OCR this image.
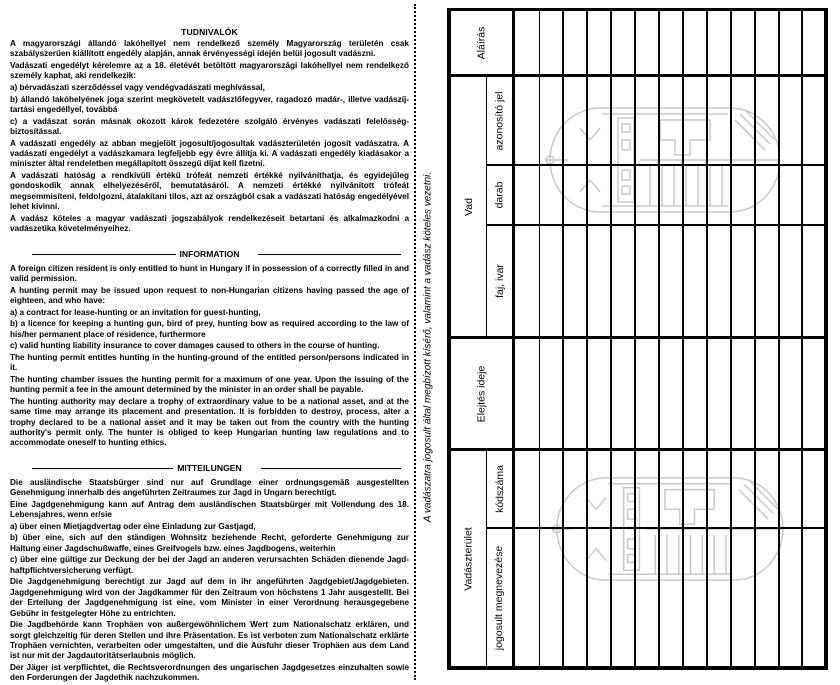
TUDNIVALÓK

A magyarországi állandó lakóhellyel nem rendelkező személy Magyarország területén csak szabályszerűen kiállított engedély alapján, annak érvényességi idején belül jogosult vadászni.

Vadászati engedélyt kérelemre az a 18. életévét betöltött magyarországi lakóhellyel nem rendelkező személy kaphat, aki rendelkezik:

a) bérvadászati szerződéssel vagy vendégvadászati meghívással,

b) állandó lakóhelyének joga szerint megkövetelt vadászlőfegyver, ragadozó madár-, illetve vadászíj-tartási engedéllyel, továbbá

c) a vadászat során másnak okozott károk fedezetére szolgáló érvényes vadászati felelősség-biztosítással.

A vadászati engedély az abban megjelölt jogosult/jogosultak vadászterületén jogosít vadászatra. A vadászati engedélyt a vadászkamara legfeljebb egy évre állítja ki. A vadászati engedély kiadásakor a miniszter által rendeletben megállapított összegű díjat kell fizetni.

A vadászati hatóság a rendkívüli értékű trófeát nemzeti értékké nyilváníthatja, és egyidejűleg gondoskodik annak elhelyezéséről, bemutatásáról. A nemzeti értékké nyilvánított trófeát megsemmisíteni, feldolgozni, átalakítani tilos, azt az országból csak a vadászati hatóság engedélyével lehet kivinni.

A vadász köteles a magyar vadászati jogszabályok rendelkezéseit betartani és alkalmazkodni a vadászetika követelményeihez.

INFORMATION

A foreign citizen resident is only entitled to hunt in Hungary if in possession of a correctly filled in and valid permission.

A hunting permit may be issued upon request to non-Hungarian citizens having passed the age of eighteen, and who have:

a) a contract for lease-hunting or an invitation for guest-hunting,

b) a licence for keeping a hunting gun, bird of prey, hunting bow as required according to the law of his/her permanent place of residence, furthermore

c) valid hunting liability insurance to cover damages caused to others in the course of hunting.

The hunting permit entitles hunting in the hunting-ground of the entitled person/persons indicated in it.

The hunting chamber issues the hunting permit for a maximum of one year. Upon the issuing of the hunting permit a fee in the amount determined by the minister in an order shall be payable.

The hunting authority may declare a trophy of extraordinary value to be a national asset, and at the same time may arrange its placement and presentation. It is forbidden to destroy, process, alter a trophy declared to be a national asset and it may be taken out from the country with the hunting authority's permit only. The hunter is obliged to keep Hungarian hunting law regulations and to accommodate oneself to hunting ethics.

MITTEILUNGEN

Die ausländische Staatsbürger sind nur auf Grundlage einer ordnungsgemäß ausgestellten Genehmigung innerhalb des angeführten Zeitraumes zur Jagd in Ungarn berechtigt.

Eine Jagdgenehmigung kann auf Antrag dem ausländischen Staatsbürger mit Vollendung des 18. Lebensjahres, wenn er/sie

a) über einen Mietjagdvertag oder eine Einladung zur Gastjagd,

b) über eine, sich auf den ständigen Wohnsitz beziehende Recht, geforderte Genehmigung zur Haltung einer Jagdschußwaffe, eines Greifvogels bzw. eines Jagdbogens, weiterhin

c) über eine gültige zur Deckung der bei der Jagd an anderen verursachten Schäden dienende Jagd-haftpflichtversicherung verfügt.

Die Jagdgenehmigung berechtigt zur Jagd auf dem in ihr angeführten Jagdgebiet/Jagdgebieten. Jagdgenehmigung wird von der Jagdkammer für den Zeitraum von höchstens 1 Jahr ausgestellt. Bei der Erteilung der Jagdgenehmigung ist eine, vom Minister in einer Verordnung herausgegebene Gebühr in festgelegter Höhe zu entrichten.

Die Jagdbehörde kann Trophäen von außergewöhnlichem Wert zum Nationalschatz erklären, und sorgt gleichzeitig für deren Stellen und ihre Präsentation. Es ist verboten zum Nationalschatz erklärte Trophäen vernichten, verarbeiten oder umgestalten, und die Ausfuhr dieser Trophäen aus dem Land ist nur mit der Jagdautoritätserlaubnis möglich.

Der Jäger ist verpflichtet, die Rechtsverordnungen des ungarischen Jagdgesetzes einzuhalten sowie den Forderungen der Jagdethik nachzukommen.

A vadászatra jogosult által megbízott kísérő, valamint a vadász köteles vezetni.
Aláírás
Vad
azonosító jel
darab
faj, ivar
Elejtés ideje
Vadászterület
kódszáma
jogosult megnevezése
